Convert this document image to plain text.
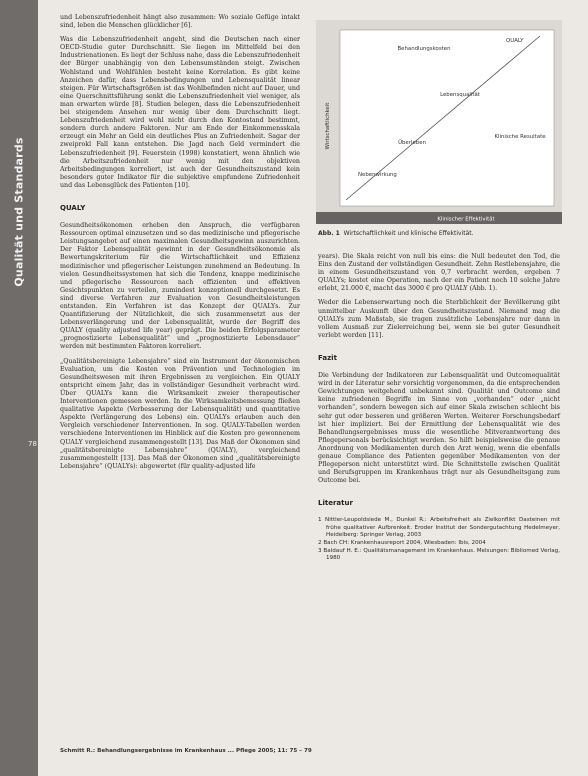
Qualität und Standards
78

und Lebenszufriedenheit hängt also zusammen: Wo soziale Gefüge intakt sind, leben die Menschen glücklicher [6].

Was die Lebenszufriedenheit angeht, sind die Deutschen nach einer OECD-Studie guter Durchschnitt. Sie liegen im Mittelfeld bei den Industrienationen. Es liegt der Schluss nahe, dass die Lebenszufriedenheit der Bürger unabhängig von den Lebensumständen steigt. Zwischen Wohlstand und Wohlfühlen besteht keine Korrelation. Es gibt keine Anzeichen dafür, dass Lebensbedingungen und Lebensqualität linear steigen. Für Wirtschaftsgrößen ist das Wohlbefinden nicht auf Dauer, und eine Querschnittsführung senkt die Lebenszufriedenheit viel weniger, als man erwarten würde [8]. Studien belegen, dass die Lebenszufriedenheit bei steigendem Ansehen nur wenig über dem Durchschnitt liegt. Lebenszufriedenheit wird wohl nicht durch den Kontostand bestimmt, sondern durch andere Faktoren. Nur am Ende der Einkommensskala erzeugt ein Mehr an Geld ein deutliches Plus an Zufriedenheit. Sagar der zweiprokl Fall kann entstehen. Die Jagd nach Geld vermindert die Lebenszufriedenheit [9]. Feuerstein (1998) konstatiert, wenn ähnlich wie die Arbeitszufriedenheit nur wenig mit den objektiven Arbeitsbedingungen korreliert, ist auch der Gesundheitszustand kein besonders guter Indikator für die subjektive empfundene Zufriedenheit und das Lebensglück des Patienten [10].

QUALY

Gesundheitsökonomen erheben den Anspruch, die verfügbaren Ressourcen optimal einzusetzen und so das medizinische und pflegerische Leistungsangebot auf einen maximalen Gesundheitsgewinn auszurichten. Der Faktor Lebensqualität gewinnt in der Gesundheitsökonomie als Bewertungskriterium für die Wirtschaftlichkeit und Effizienz medizinischer und pflegerischer Leistungen zunehmend an Bedeutung. In vielen Gesundheitssystemen hat sich die Tendenz, knappe medizinische und pflegerische Ressourcen nach effizienten und effektiven Gesichtspunkten zu verteilen, zumindest konzeptionell durchgesetzt. Es sind diverse Verfahren zur Evaluation von Gesundheitsleistungen entstanden. Ein Verfahren ist das Konzept der QUALYs. Zur Quantifizierung der Nützlichkeit, die sich zusammensetzt aus der Lebensverlängerung und der Lebensqualität, wurde der Begriff des QUALY (quality adjusted life year) geprägt. Die beiden Erfolgsparameter „prognostizierte Lebensqualität“ und „prognostizierte Lebensdauer“ werden mit bestimmten Faktoren korreliert.

„Qualitätsbereinigte Lebensjahre“ sind ein Instrument der ökonomischen Evaluation, um die Kosten von Prävention und Technologien im Gesundheitswesen mit ihren Ergebnissen zu vergleichen. Ein QUALY entspricht einem Jahr, das in vollständiger Gesundheit verbracht wird. Über QUALYs kann die Wirksamkeit zweier therapeutischer Interventionen gemessen werden. In die Wirksamkeitsbemessung fließen qualitative Aspekte (Verbesserung der Lebensqualität) und quantitative Aspekte (Verlängerung des Lebens) ein. QUALYs erlauben auch den Vergleich verschiedener Interventionen. In sog. QUALY-Tabellen werden verschiedene Interventionen im Hinblick auf die Kosten pro gewonnenem QUALY vergleichend zusammengestellt [13]. Das Maß der Ökonomen sind „qualitätsbereinigte Lebensjahre“ (QUALY), vergleichend zusammengestellt [13]. Das Maß der Ökonomen sind „qualitätsbereinigte Lebensjahre“ (QUALYs): abgewertet (für quality-adjusted life

Klinischer Effektivität
Wirtschaftlichkeit
Behandlungskosten
QUALY
Lebensqualität
Überleben
Klinische Resultate
Nebenwirkung
Abb. 1 Wirtschaftlichkeit und klinische Effektivität.

years). Die Skala reicht von null bis eins: die Null bedeutet den Tod, die Eins den Zustand der vollständigen Gesundheit. Zehn Restlebensjahre, die in einem Gesundheitszustand von 0,7 verbracht werden, ergeben 7 QUALYs; kostet eine Operation, nach der ein Patient noch 10 solche Jahre erlebt, 21.000 €, macht das 3000 € pro QUALY (Abb. 1).

Weder die Lebenserwartung noch die Sterblichkeit der Bevölkerung gibt unmittelbar Auskunft über den Gesundheitszustand. Niemand mag die QUALYs zum Maßstab, sie tragen zusätzliche Lebensjahre nur dann in vollem Ausmaß zur Zielerreichung bei, wenn sie bei guter Gesundheit verlebt werden [11].

Fazit

Die Verbindung der Indikatoren zur Lebensqualität und Outcomequalität wird in der Literatur sehr vorsichtig vorgenommen, da die entsprechenden Gewichtungen weitgehend unbekannt sind. Qualität und Outcome sind keine zufriedenen Begriffe im Sinne von „vorhanden“ oder „nicht vorhanden“, sondern bewegen sich auf einer Skala zwischen schlecht bis sehr gut oder besseren und größeren Werten. Weiterer Forschungsbedarf ist hier impliziert. Bei der Ermittlung der Lebensqualität wie des Behandlungsergebnisses muss die wesentliche Mitverantwortung des Pflegepersonals berücksichtigt werden. So hilft beispielsweise die genaue Anordnung von Medikamenten durch den Arzt wenig, wenn die ebenfalls genaue Compliance des Patienten gegenüber Medikamenten von der Pflegeperson nicht unterstützt wird. Die Schnittstelle zwischen Qualität und Berufsgruppen im Krankenhaus trägt nur als Gesundheitsgang zum Outcome bei.

Literatur
1 Nittler-Leupoldsiede M., Dunkel R.: Arbeitsfreiheit als Zielkonflikt Dasteinen mit frühe qualitativer Aufbrenkeit. Eroder Institut der Sondergutachtung Hedelmeyer, Heidelberg: Springer Verlag, 2003
2 Bach CH: Krankenhausreport 2004, Wiesbaden: Ibis, 2004
3 Baldauf H. E.: Qualitätsmanagement im Krankenhaus. Melsungen: Bibliomed Verlag, 1980
Schmitt R.: Behandlungsergebnisse im Krankenhaus ... Pflege 2005; 11: 75 – 79
